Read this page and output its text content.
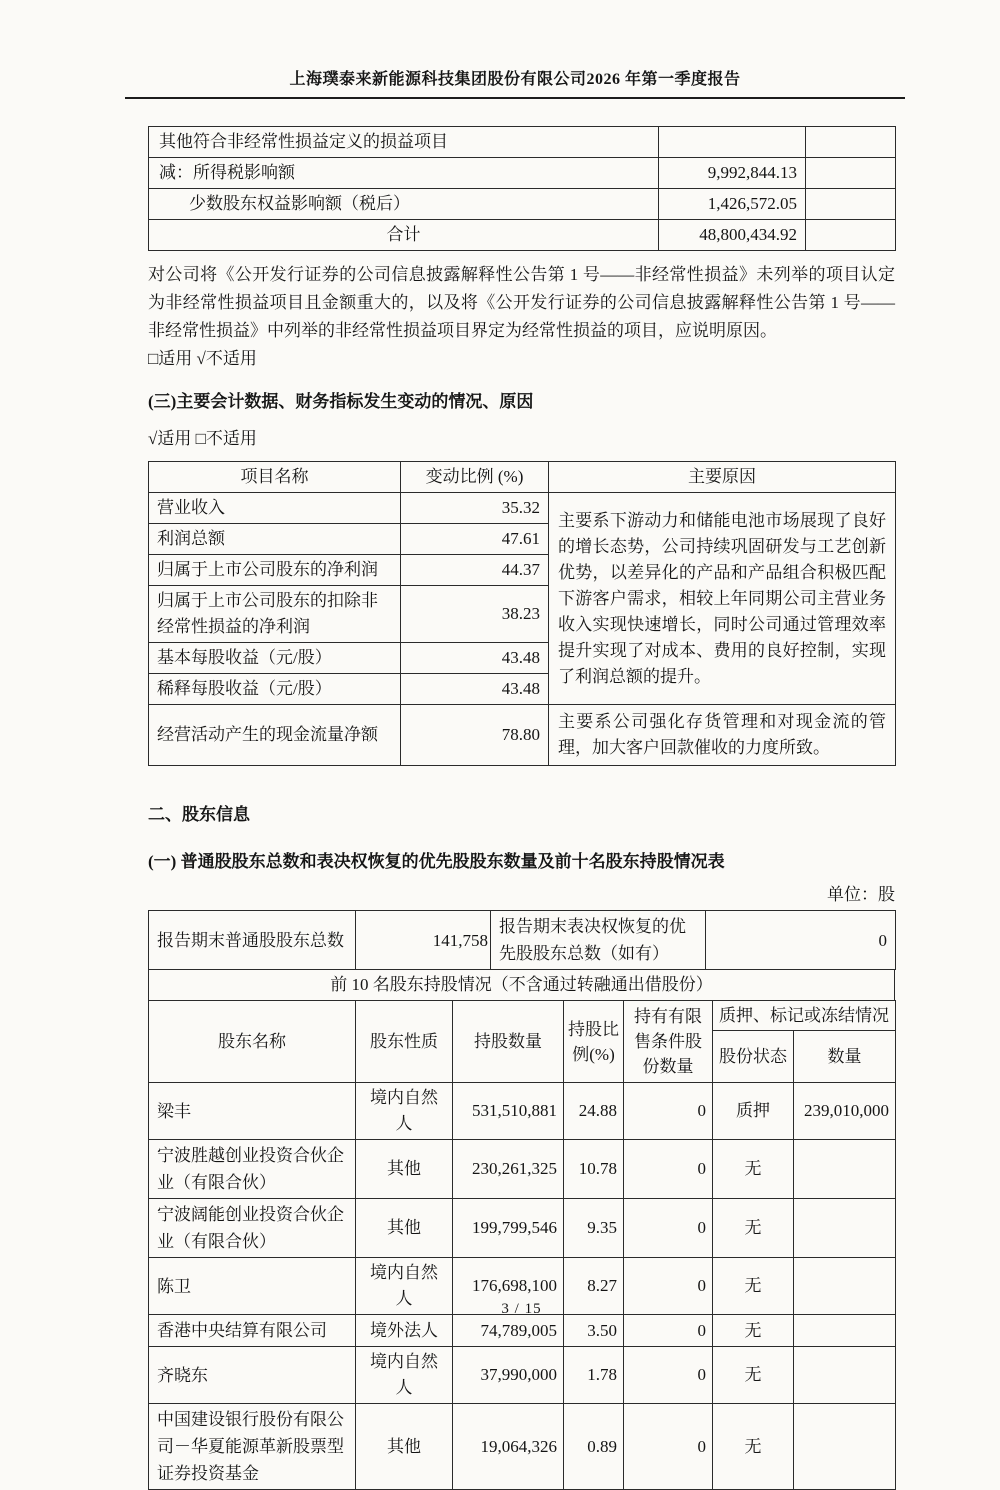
上海璞泰来新能源科技集团股份有限公司2026 年第一季度报告
其他符合非经常性损益定义的损益项目		
减：所得税影响额	9,992,844.13	
少数股东权益影响额（税后）	1,426,572.05	
合计	48,800,434.92	
对公司将《公开发行证券的公司信息披露解释性公告第 1 号——非经常性损益》未列举的项目认定为非经常性损益项目且金额重大的，以及将《公开发行证券的公司信息披露解释性公告第 1 号——非经常性损益》中列举的非经常性损益项目界定为经常性损益的项目，应说明原因。
□适用 √不适用
(三)主要会计数据、财务指标发生变动的情况、原因
√适用 □不适用
项目名称	变动比例 (%)	主要原因
营业收入	35.32	主要系下游动力和储能电池市场展现了良好的增长态势，公司持续巩固研发与工艺创新优势，以差异化的产品和产品组合积极匹配下游客户需求，相较上年同期公司主营业务收入实现快速增长，同时公司通过管理效率提升实现了对成本、费用的良好控制，实现了利润总额的提升。
利润总额	47.61	
归属于上市公司股东的净利润	44.37	
归属于上市公司股东的扣除非经常性损益的净利润	38.23	
基本每股收益（元/股）	43.48	
稀释每股收益（元/股）	43.48	
经营活动产生的现金流量净额	78.80	主要系公司强化存货管理和对现金流的管理，加大客户回款催收的力度所致。
二、股东信息
(一) 普通股股东总数和表决权恢复的优先股股东数量及前十名股东持股情况表
单位：股
报告期末普通股股东总数	141,758	报告期末表决权恢复的优先股股东总数（如有）	0
前 10 名股东持股情况（不含通过转融通出借股份）
股东名称	股东性质	持股数量	持股比例(%)	持有有限售条件股份数量	质押、标记或冻结情况	
					股份状态	数量
梁丰	境内自然人	531,510,881	24.88	0	质押	239,010,000
宁波胜越创业投资合伙企业（有限合伙）	其他	230,261,325	10.78	0	无	
宁波阔能创业投资合伙企业（有限合伙）	其他	199,799,546	9.35	0	无	
陈卫	境内自然人	176,698,100	8.27	0	无	
香港中央结算有限公司	境外法人	74,789,005	3.50	0	无	
齐晓东	境内自然人	37,990,000	1.78	0	无	
中国建设银行股份有限公司－华夏能源革新股票型证券投资基金	其他	19,064,326	0.89	0	无	
3 / 15
